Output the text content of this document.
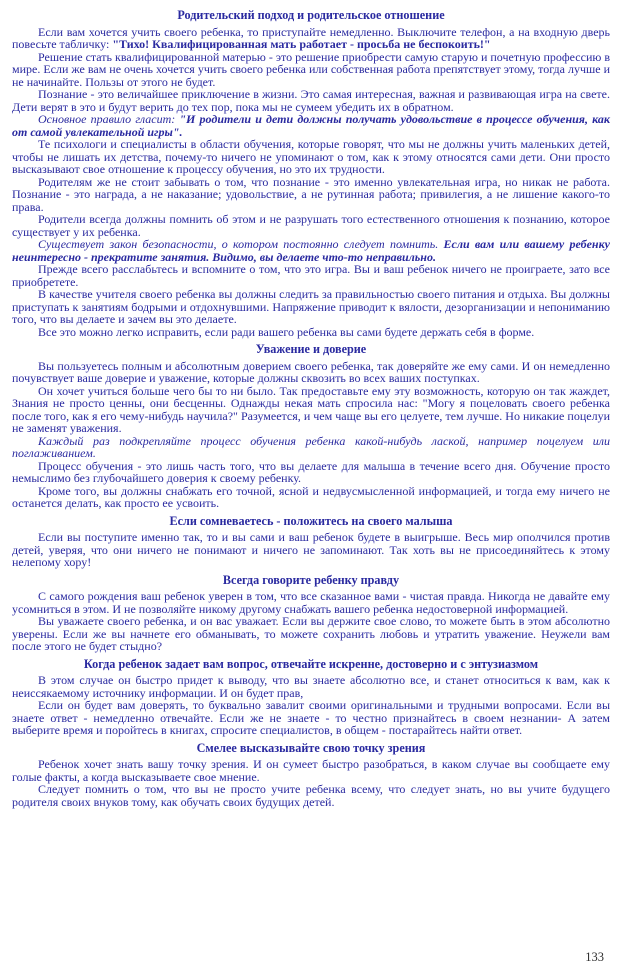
Родительский подход и родительское отношение

Если вам хочется учить своего ребенка, то приступайте немедленно. Выключите телефон, а на входную дверь повесьте табличку: "Тихо! Квалифицированная мать работает - просьба не беспокоить!"

Решение стать квалифицированной матерью - это решение приобрести самую старую и почетную профессию в мире. Если же вам не очень хочется учить своего ребенка или собственная работа препятствует этому, тогда лучше и не начинайте. Пользы от этого не будет.

Познание - это величайшее приключение в жизни. Это самая интересная, важная и развивающая игра на свете. Дети верят в это и будут верить до тех пор, пока мы не сумеем убедить их в обратном.

Основное правило гласит: "И родители и дети должны получать удовольствие в процессе обучения, как от самой увлекательной игры".

Те психологи и специалисты в области обучения, которые говорят, что мы не должны учить маленьких детей, чтобы не лишать их детства, почему-то ничего не упоминают о том, как к этому относятся сами дети. Они просто высказывают свое отношение к процессу обучения, но это их трудности.

Родителям же не стоит забывать о том, что познание - это именно увлекательная игра, но никак не работа. Познание - это награда, а не наказание; удовольствие, а не рутинная работа; привилегия, а не лишение какого-то права.

Родители всегда должны помнить об этом и не разрушать того естественного отношения к познанию, которое существует у их ребенка.

Существует закон безопасности, о котором постоянно следует помнить. Если вам или вашему ребенку неинтересно - прекратите занятия. Видимо, вы делаете что-то неправильно.

Прежде всего расслабьтесь и вспомните о том, что это игра. Вы и ваш ребенок ничего не проиграете, зато все приобретете.

В качестве учителя своего ребенка вы должны следить за правильностью своего питания и отдыха. Вы должны приступать к занятиям бодрыми и отдохнувшими. Напряжение приводит к вялости, дезорганизации и непониманию того, что вы делаете и зачем вы это делаете.

Все это можно легко исправить, если ради вашего ребенка вы сами будете держать себя в форме.

Уважение и доверие

Вы пользуетесь полным и абсолютным доверием своего ребенка, так доверяйте же ему сами. И он немедленно почувствует ваше доверие и уважение, которые должны сквозить во всех ваших поступках.

Он хочет учиться больше чего бы то ни было. Так предоставьте ему эту возможность, которую он так жаждет, Знания не просто ценны, они бесценны. Однажды некая мать спросила нас: "Могу я поцеловать своего ребенка после того, как я его чему-нибудь научила?" Разумеется, и чем чаще вы его целуете, тем лучше. Но никакие поцелуи не заменят уважения.

Каждый раз подкрепляйте процесс обучения ребенка какой-нибудь лаской, например поцелуем или поглаживанием.

Процесс обучения - это лишь часть того, что вы делаете для малыша в течение всего дня. Обучение просто немыслимо без глубочайшего доверия к своему ребенку.

Кроме того, вы должны снабжать его точной, ясной и недвусмысленной информацией, и тогда ему ничего не останется делать, как просто ее усвоить.

Если сомневаетесь - положитесь на своего малыша

Если вы поступите именно так, то и вы сами и ваш ребенок будете в выигрыше. Весь мир ополчился против детей, уверяя, что они ничего не понимают и ничего не запоминают. Так хоть вы не присоединяйтесь к этому нелепому хору!

Всегда говорите ребенку правду

С самого рождения ваш ребенок уверен в том, что все сказанное вами - чистая правда. Никогда не давайте ему усомниться в этом. И не позволяйте никому другому снабжать вашего ребенка недостоверной информацией.

Вы уважаете своего ребенка, и он вас уважает. Если вы держите свое слово, то можете быть в этом абсолютно уверены. Если же вы начнете его обманывать, то можете сохранить любовь и утратить уважение. Неужели вам после этого не будет стыдно?

Когда ребенок задает вам вопрос, отвечайте искренне, достоверно и с энтузиазмом

В этом случае он быстро придет к выводу, что вы знаете абсолютно все, и станет относиться к вам, как к неиссякаемому источнику информации. И он будет прав,

Если он будет вам доверять, то буквально завалит своими оригинальными и трудными вопросами. Если вы знаете ответ - немедленно отвечайте. Если же не знаете - то честно признайтесь в своем незнании- А затем выберите время и поройтесь в книгах, спросите специалистов, в общем - постарайтесь найти ответ.

Смелее высказывайте свою точку зрения

Ребенок хочет знать вашу точку зрения. И он сумеет быстро разобраться, в каком случае вы сообщаете ему голые факты, а когда высказываете свое мнение.

Следует помнить о том, что вы не просто учите ребенка всему, что следует знать, но вы учите будущего родителя своих внуков тому, как обучать своих будущих детей.

133
